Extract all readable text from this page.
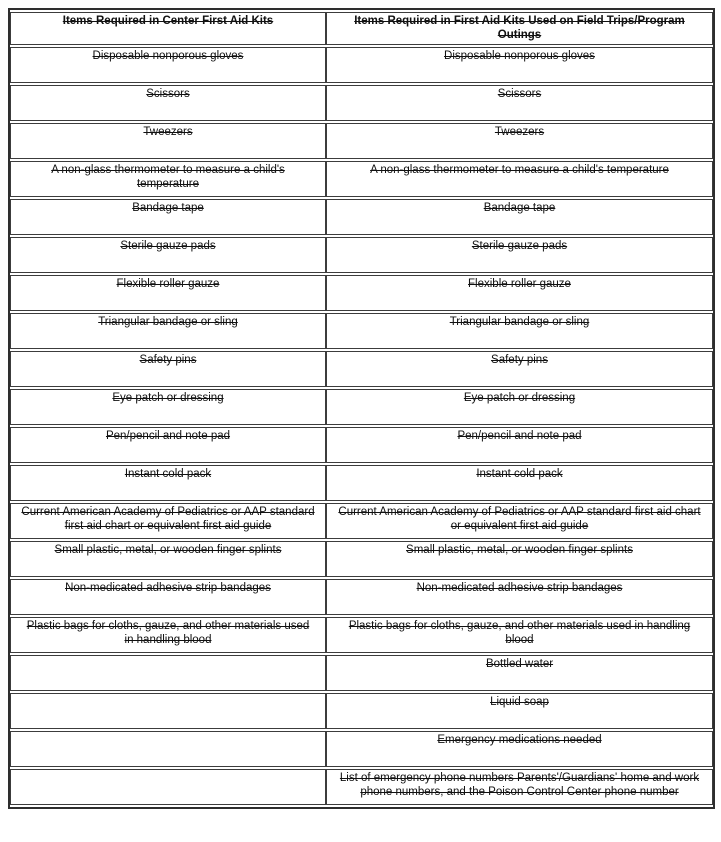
Items Required in Center First Aid Kits	Items Required in First Aid Kits Used on Field Trips/Program Outings
Disposable nonporous gloves	Disposable nonporous gloves
Scissors	Scissors
Tweezers	Tweezers
A non-glass thermometer to measure a child's temperature	A non-glass thermometer to measure a child's temperature
Bandage tape	Bandage tape
Sterile gauze pads	Sterile gauze pads
Flexible roller gauze	Flexible roller gauze
Triangular bandage or sling	Triangular bandage or sling
Safety pins	Safety pins
Eye patch or dressing	Eye patch or dressing
Pen/pencil and note pad	Pen/pencil and note pad
Instant cold pack	Instant cold pack
Current American Academy of Pediatrics or AAP standard first aid chart or equivalent first aid guide	Current American Academy of Pediatrics or AAP standard first aid chart or equivalent first aid guide
Small plastic, metal, or wooden finger splints	Small plastic, metal, or wooden finger splints
Non-medicated adhesive strip bandages	Non-medicated adhesive strip bandages
Plastic bags for cloths, gauze, and other materials used in handling blood	Plastic bags for cloths, gauze, and other materials used in handling blood
	Bottled water
	Liquid soap
	Emergency medications needed
	List of emergency phone numbers Parents'/Guardians' home and work phone numbers, and the Poison Control Center phone number
